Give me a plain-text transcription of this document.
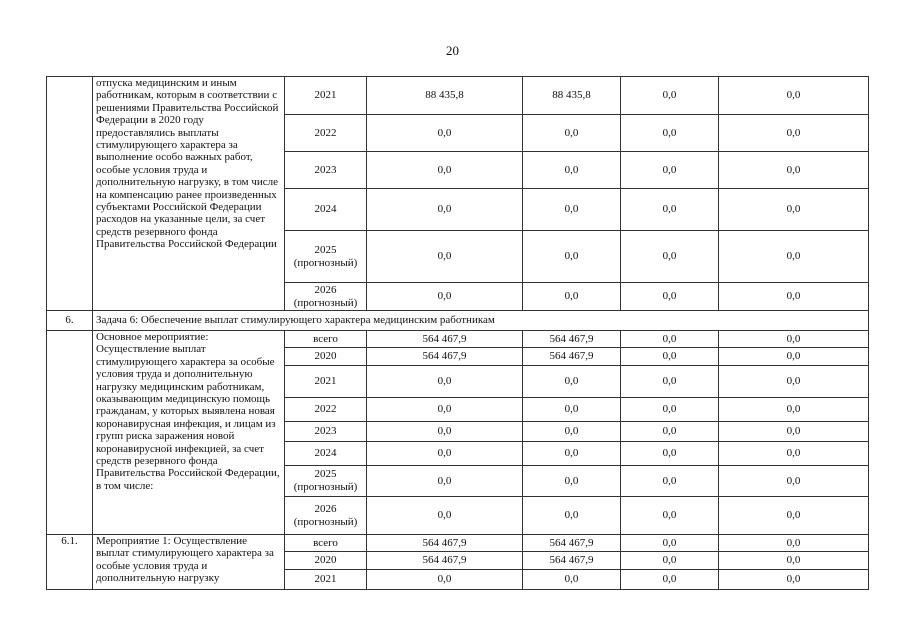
20
	отпуска медицинским и иным работникам, которым в соответствии с решениями Правительства Российской Федерации в 2020 году предоставлялись выплаты стимулирующего характера за выполнение особо важных работ, особые условия труда и дополнительную нагрузку, в том числе на компенсацию ранее произведенных субъектами Российской Федерации расходов на указанные цели, за счет средств резервного фонда Правительства Российской Федерации	2021	88 435,8	88 435,8	0,0	0,0
		2022	0,0	0,0	0,0	0,0
		2023	0,0	0,0	0,0	0,0
		2024	0,0	0,0	0,0	0,0
		2025 (прогнозный)	0,0	0,0	0,0	0,0
		2026 (прогнозный)	0,0	0,0	0,0	0,0
6.	Задача 6: Обеспечение выплат стимулирующего характера медицинским работникам					
	Основное мероприятие: Осуществление выплат стимулирующего характера за особые условия труда и дополнительную нагрузку медицинским работникам, оказывающим медицинскую помощь гражданам, у которых выявлена новая коронавирусная инфекция, и лицам из групп риска заражения новой коронавирусной инфекцией, за счет средств резервного фонда Правительства Российской Федерации, в том числе:	всего	564 467,9	564 467,9	0,0	0,0
		2020	564 467,9	564 467,9	0,0	0,0
		2021	0,0	0,0	0,0	0,0
		2022	0,0	0,0	0,0	0,0
		2023	0,0	0,0	0,0	0,0
		2024	0,0	0,0	0,0	0,0
		2025 (прогнозный)	0,0	0,0	0,0	0,0
		2026 (прогнозный)	0,0	0,0	0,0	0,0
6.1.	Мероприятие 1: Осуществление выплат стимулирующего характера за особые условия труда и дополнительную нагрузку	всего	564 467,9	564 467,9	0,0	0,0
		2020	564 467,9	564 467,9	0,0	0,0
		2021	0,0	0,0	0,0	0,0
